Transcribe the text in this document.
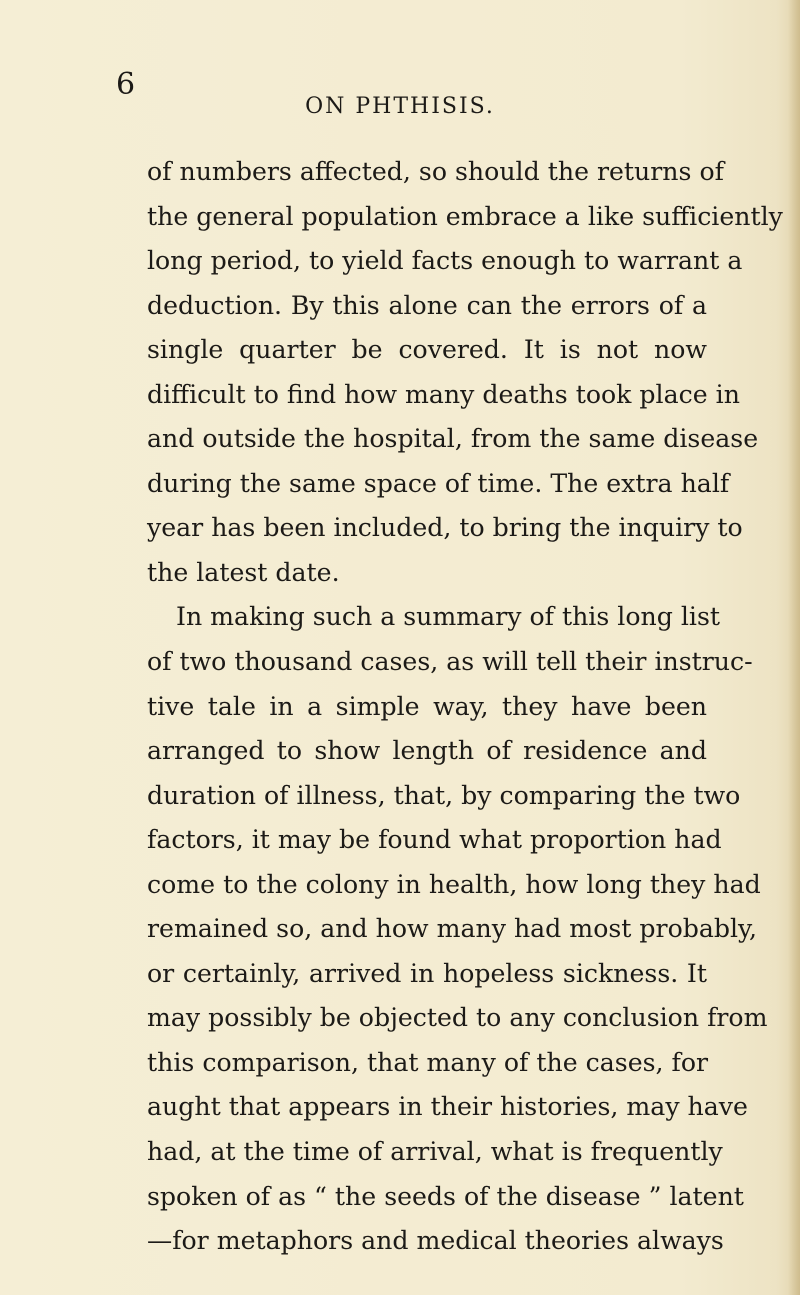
6

ON PHTHISIS.

of numbers affected, so should the returns of
the general population embrace a like sufficiently
long period, to yield facts enough to warrant a
deduction. By this alone can the errors of a
single quarter be covered. It is not now
difficult to find how many deaths took place in
and outside the hospital, from the same disease
during the same space of time. The extra half
year has been included, to bring the inquiry to
the latest date.
In making such a summary of this long list
of two thousand cases, as will tell their instruc-
tive tale in a simple way, they have been
arranged to show length of residence and
duration of illness, that, by comparing the two
factors, it may be found what proportion had
come to the colony in health, how long they had
remained so, and how many had most probably,
or certainly, arrived in hopeless sickness. It
may possibly be objected to any conclusion from
this comparison, that many of the cases, for
aught that appears in their histories, may have
had, at the time of arrival, what is frequently
spoken of as “ the seeds of the disease ” latent
—for metaphors and medical theories always
